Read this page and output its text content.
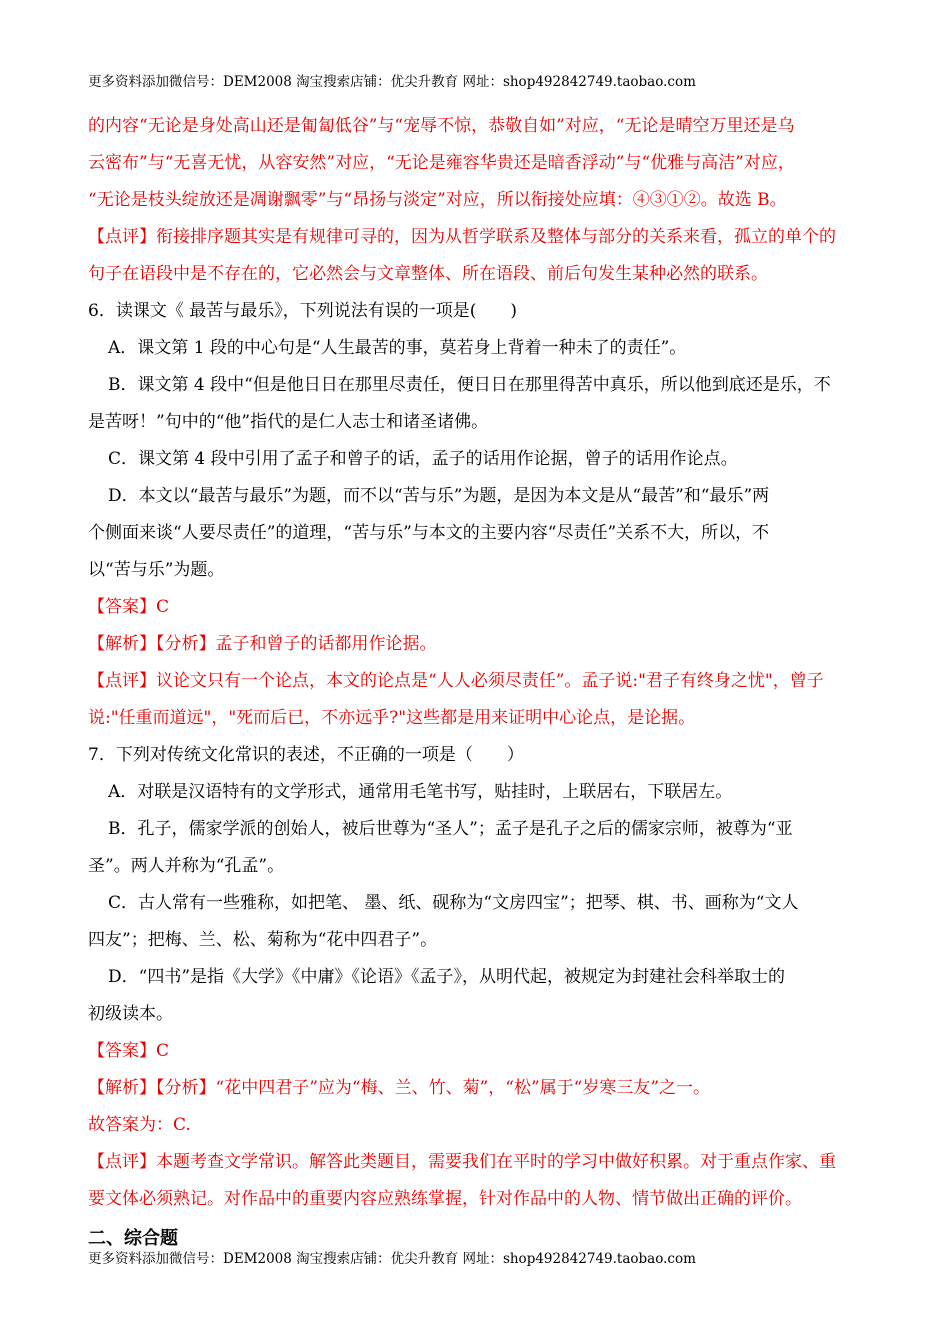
更多资料添加微信号：DEM2008 淘宝搜索店铺：优尖升教育 网址：shop492842749.taobao.com
的内容“无论是身处高山还是匍匐低谷”与“宠辱不惊，恭敬自如”对应，“无论是晴空万里还是乌
云密布”与“无喜无忧，从容安然”对应，“无论是雍容华贵还是暗香浮动”与“优雅与高洁”对应，
“无论是枝头绽放还是凋谢飘零”与“昂扬与淡定”对应，所以衔接处应填：④③①②。故选 B。
【点评】衔接排序题其实是有规律可寻的，因为从哲学联系及整体与部分的关系来看，孤立的单个的
句子在语段中是不存在的，它必然会与文章整体、所在语段、前后句发生某种必然的联系。
6．读课文《 最苦与最乐》，下列说法有误的一项是(　　)
A．课文第 1 段的中心句是“人生最苦的事，莫若身上背着一种未了的责任”。
B．课文第 4 段中“但是他日日在那里尽责任，便日日在那里得苦中真乐，所以他到底还是乐，不
是苦呀！”句中的“他”指代的是仁人志士和诸圣诸佛。
C．课文第 4 段中引用了孟子和曾子的话，孟子的话用作论据，曾子的话用作论点。
D．本文以“最苦与最乐”为题，而不以“苦与乐”为题，是因为本文是从“最苦”和“最乐”两
个侧面来谈“人要尽责任”的道理，“苦与乐”与本文的主要内容“尽责任”关系不大，所以，不
以“苦与乐”为题。
【答案】C
【解析】【分析】孟子和曾子的话都用作论据。
【点评】议论文只有一个论点，本文的论点是“人人必须尽责任”。孟子说:"君子有终身之忧"，曾子
说:"任重而道远"，"死而后已，不亦远乎?"这些都是用来证明中心论点，是论据。
7．下列对传统文化常识的表述，不正确的一项是（　　）
A．对联是汉语特有的文学形式，通常用毛笔书写，贴挂时，上联居右，下联居左。
B．孔子，儒家学派的创始人，被后世尊为“圣人”；孟子是孔子之后的儒家宗师，被尊为“亚
圣”。两人并称为“孔孟”。
C．古人常有一些雅称，如把笔、 墨、纸、砚称为“文房四宝”；把琴、棋、书、画称为“文人
四友”；把梅、兰、松、菊称为“花中四君子”。
D．“四书”是指《大学》《中庸》《论语》《孟子》，从明代起，被规定为封建社会科举取士的
初级读本。
【答案】C
【解析】【分析】“花中四君子”应为“梅、兰、竹、菊”，“松”属于“岁寒三友”之一。
故答案为：C.
【点评】本题考查文学常识。解答此类题目，需要我们在平时的学习中做好积累。对于重点作家、重
要文体必须熟记。对作品中的重要内容应熟练掌握，针对作品中的人物、情节做出正确的评价。
二、综合题
更多资料添加微信号：DEM2008 淘宝搜索店铺：优尖升教育 网址：shop492842749.taobao.com
